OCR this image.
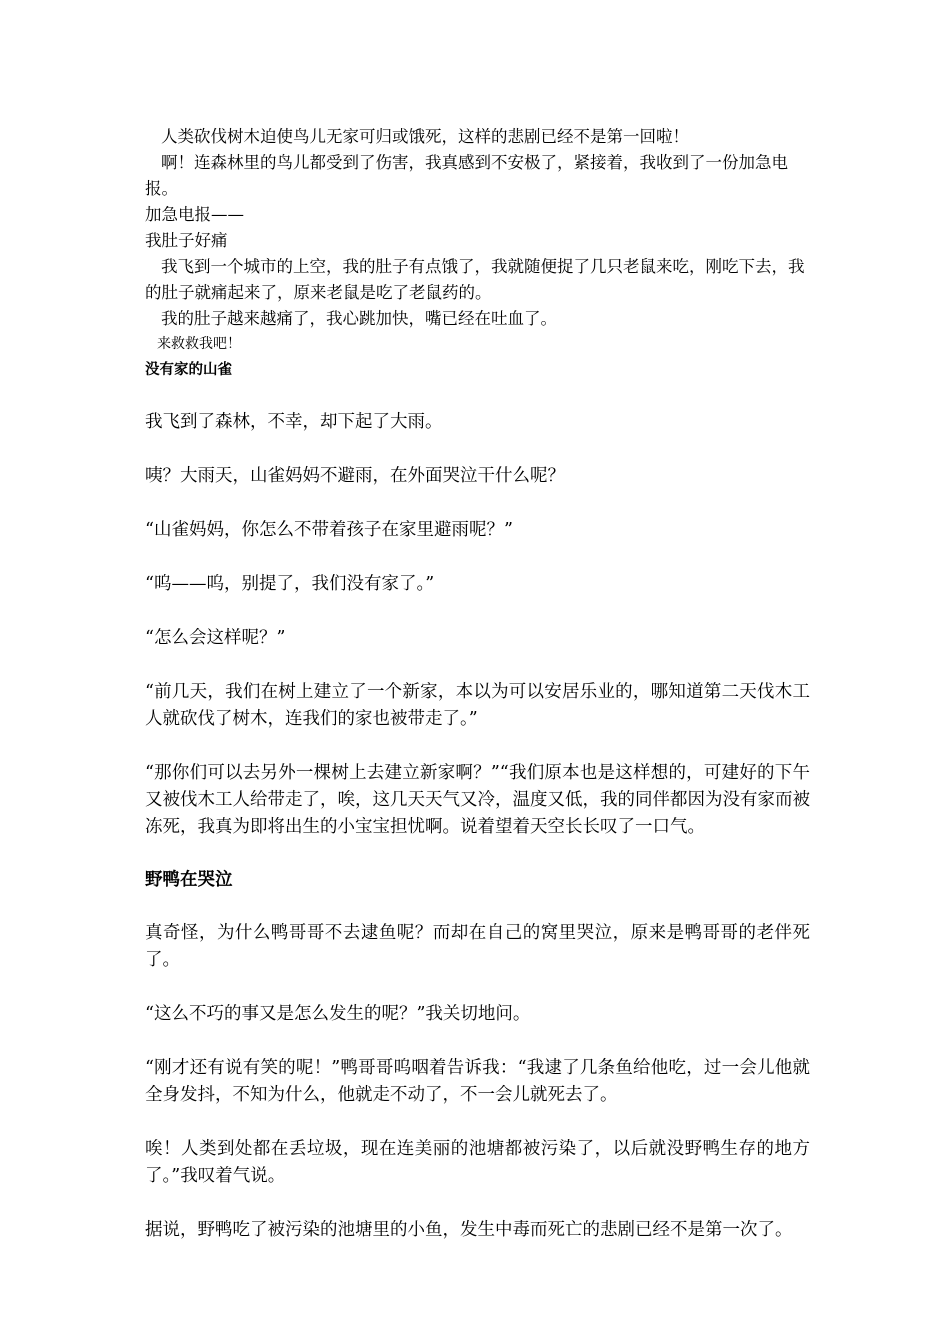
人类砍伐树木迫使鸟儿无家可归或饿死，这样的悲剧已经不是第一回啦！

啊！连森林里的鸟儿都受到了伤害，我真感到不安极了，紧接着，我收到了一份加急电报。

加急电报——

我肚子好痛

我飞到一个城市的上空，我的肚子有点饿了，我就随便捉了几只老鼠来吃，刚吃下去，我的肚子就痛起来了，原来老鼠是吃了老鼠药的。

我的肚子越来越痛了，我心跳加快，嘴已经在吐血了。

来救救我吧！

没有家的山雀

我飞到了森林，不幸，却下起了大雨。

咦？大雨天，山雀妈妈不避雨，在外面哭泣干什么呢？

“山雀妈妈，你怎么不带着孩子在家里避雨呢？”

“呜——呜，别提了，我们没有家了。”

“怎么会这样呢？”

“前几天，我们在树上建立了一个新家，本以为可以安居乐业的，哪知道第二天伐木工人就砍伐了树木，连我们的家也被带走了。”

“那你们可以去另外一棵树上去建立新家啊？”“我们原本也是这样想的，可建好的下午又被伐木工人给带走了，唉，这几天天气又冷，温度又低，我的同伴都因为没有家而被冻死，我真为即将出生的小宝宝担忧啊。说着望着天空长长叹了一口气。

野鸭在哭泣

真奇怪，为什么鸭哥哥不去逮鱼呢？而却在自己的窝里哭泣，原来是鸭哥哥的老伴死了。

“这么不巧的事又是怎么发生的呢？”我关切地问。

“刚才还有说有笑的呢！”鸭哥哥呜咽着告诉我：“我逮了几条鱼给他吃，过一会儿他就全身发抖，不知为什么，他就走不动了，不一会儿就死去了。

唉！人类到处都在丢垃圾，现在连美丽的池塘都被污染了，以后就没野鸭生存的地方了。”我叹着气说。

据说，野鸭吃了被污染的池塘里的小鱼，发生中毒而死亡的悲剧已经不是第一次了。
